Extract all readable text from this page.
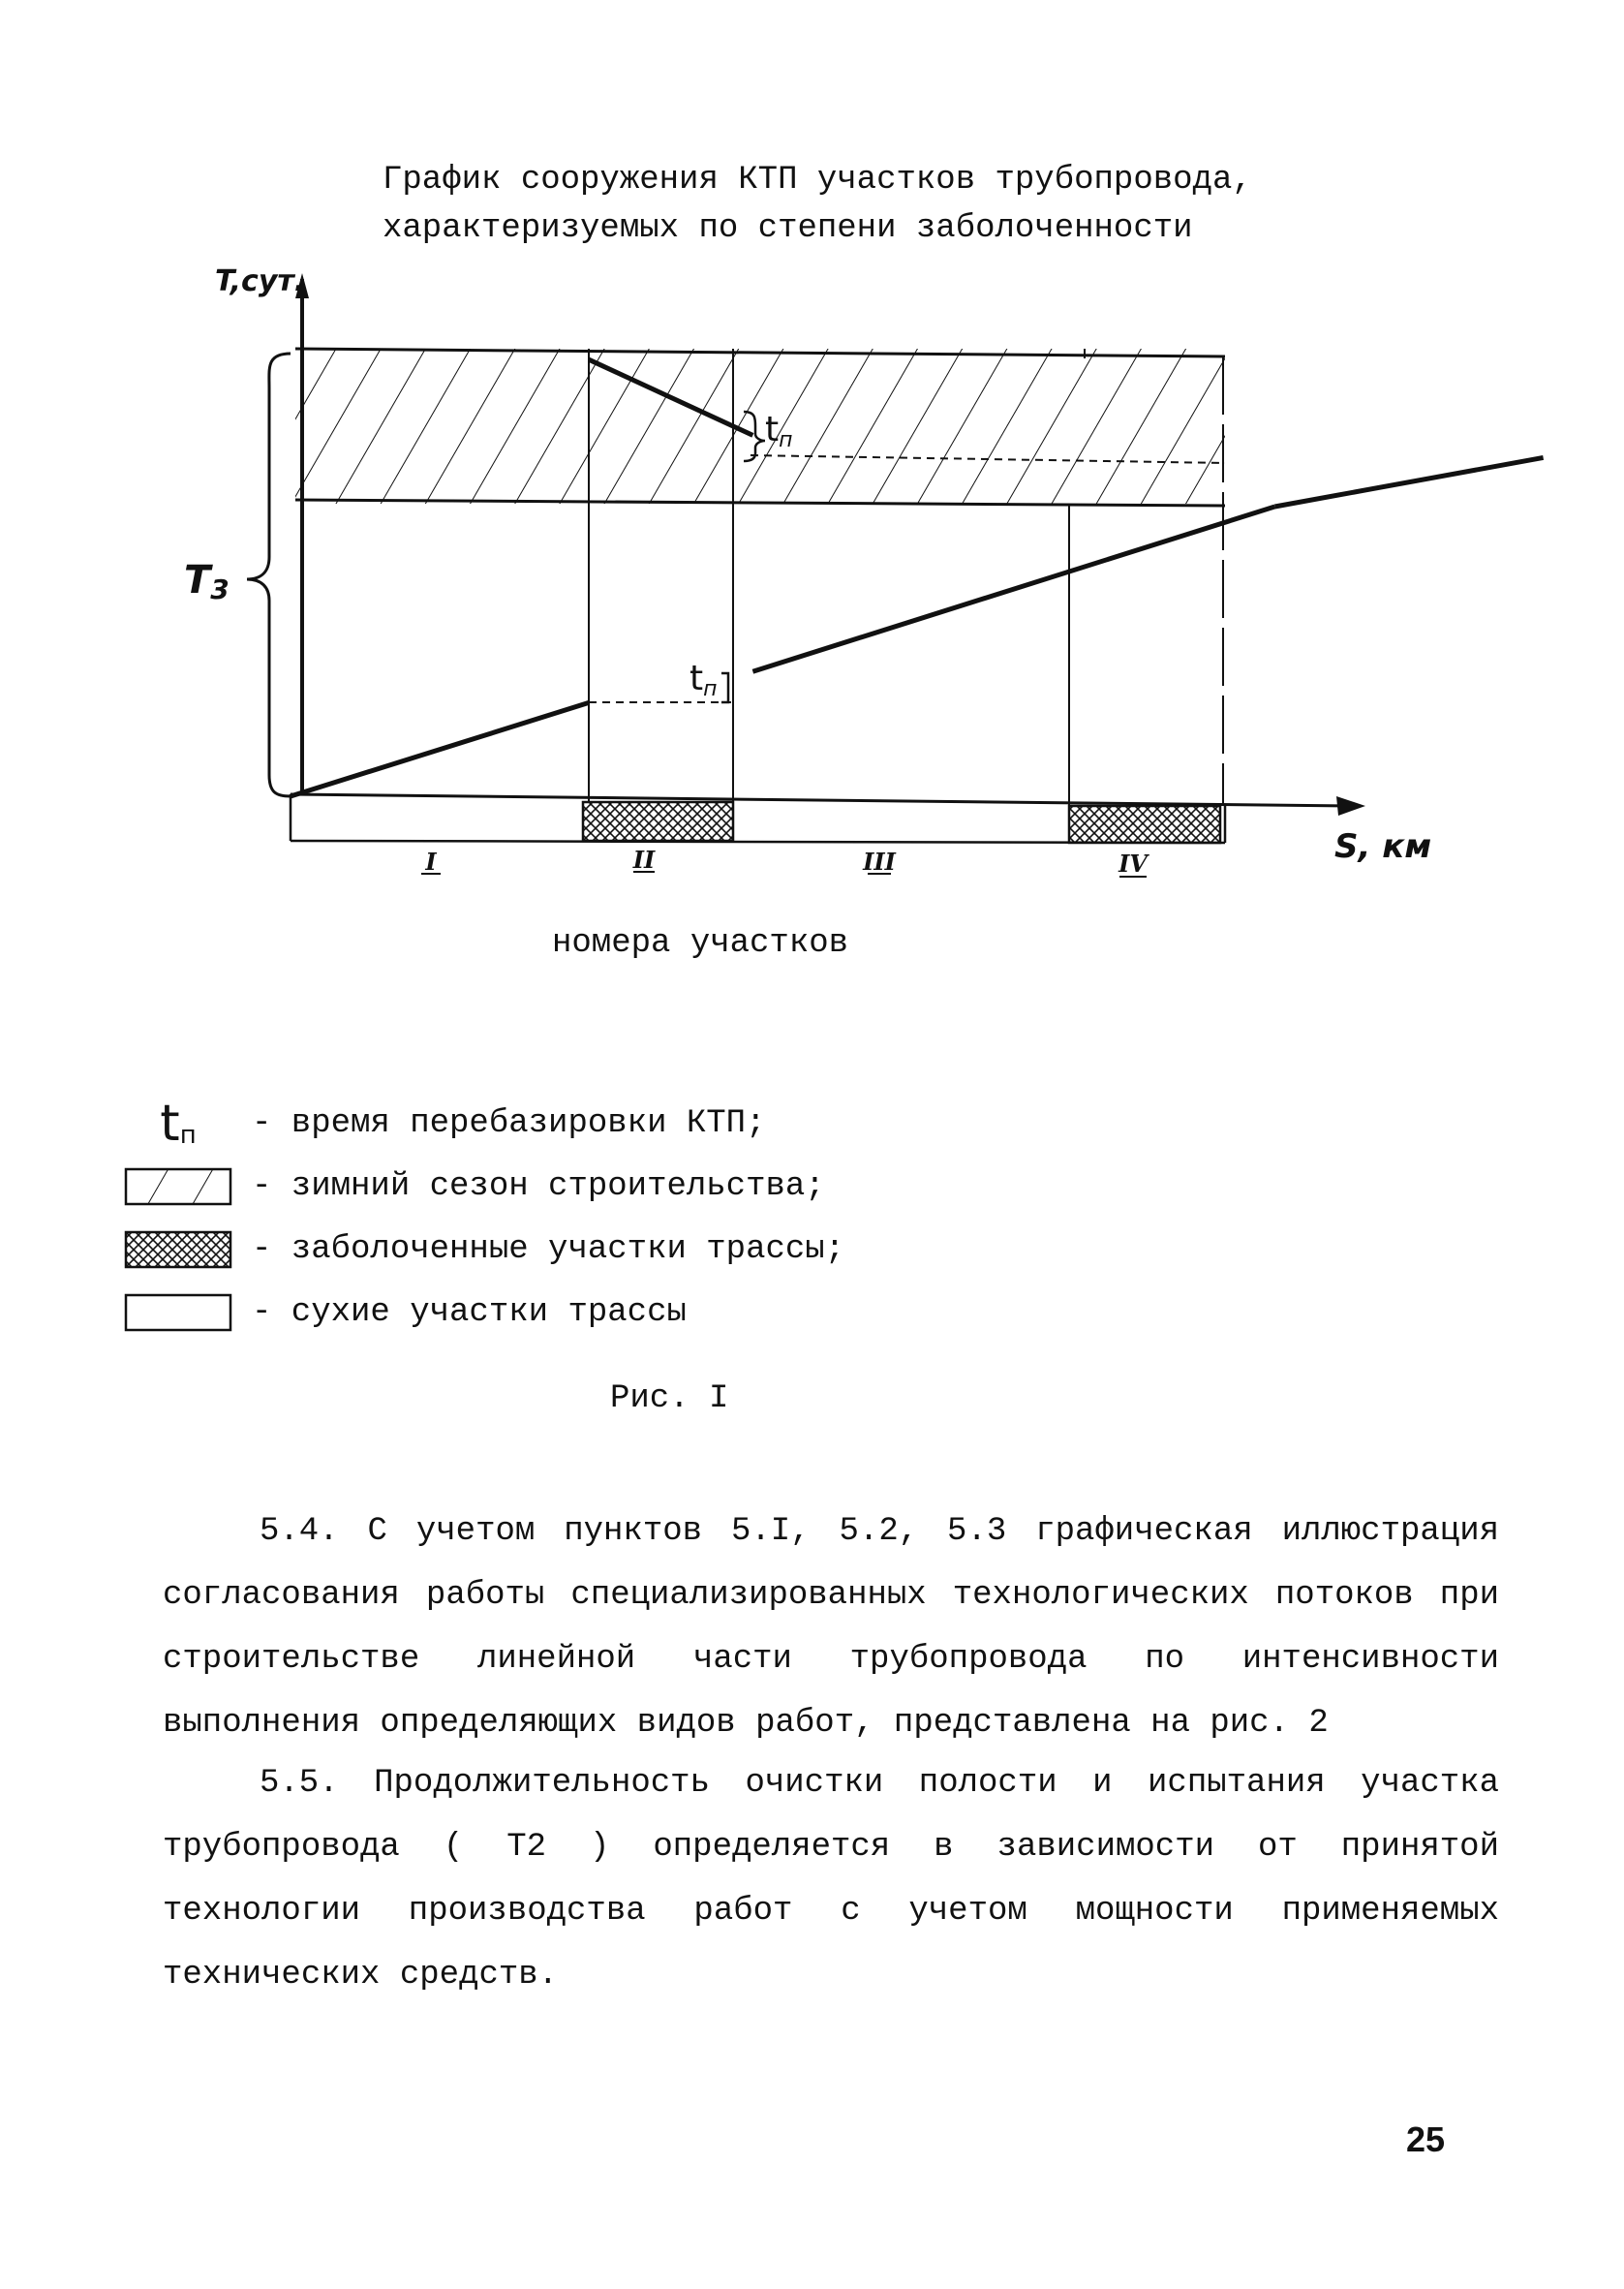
График сооружения КТП участков трубопровода,
характеризуемых по степени заболоченности
T3
tп
tп
T,сут.
S, км
I	II	III	IV
номера участков
t п - время перебазировки КТП;
- зимний сезон строительства;
- заболоченные участки трассы;
- сухие участки трассы
Рис. I

5.4. С учетом пунктов 5.I, 5.2, 5.3 графическая иллюстрация согласования работы специализированных технологических потоков при строительстве линейной части трубопровода по интенсивности выполнения определяющих видов работ, представлена на рис. 2

5.5. Продолжительность очистки полости и испытания участка трубопровода ( T2 ) определяется в зависимости от принятой технологии производства работ с учетом мощности применяемых технических средств.

25
